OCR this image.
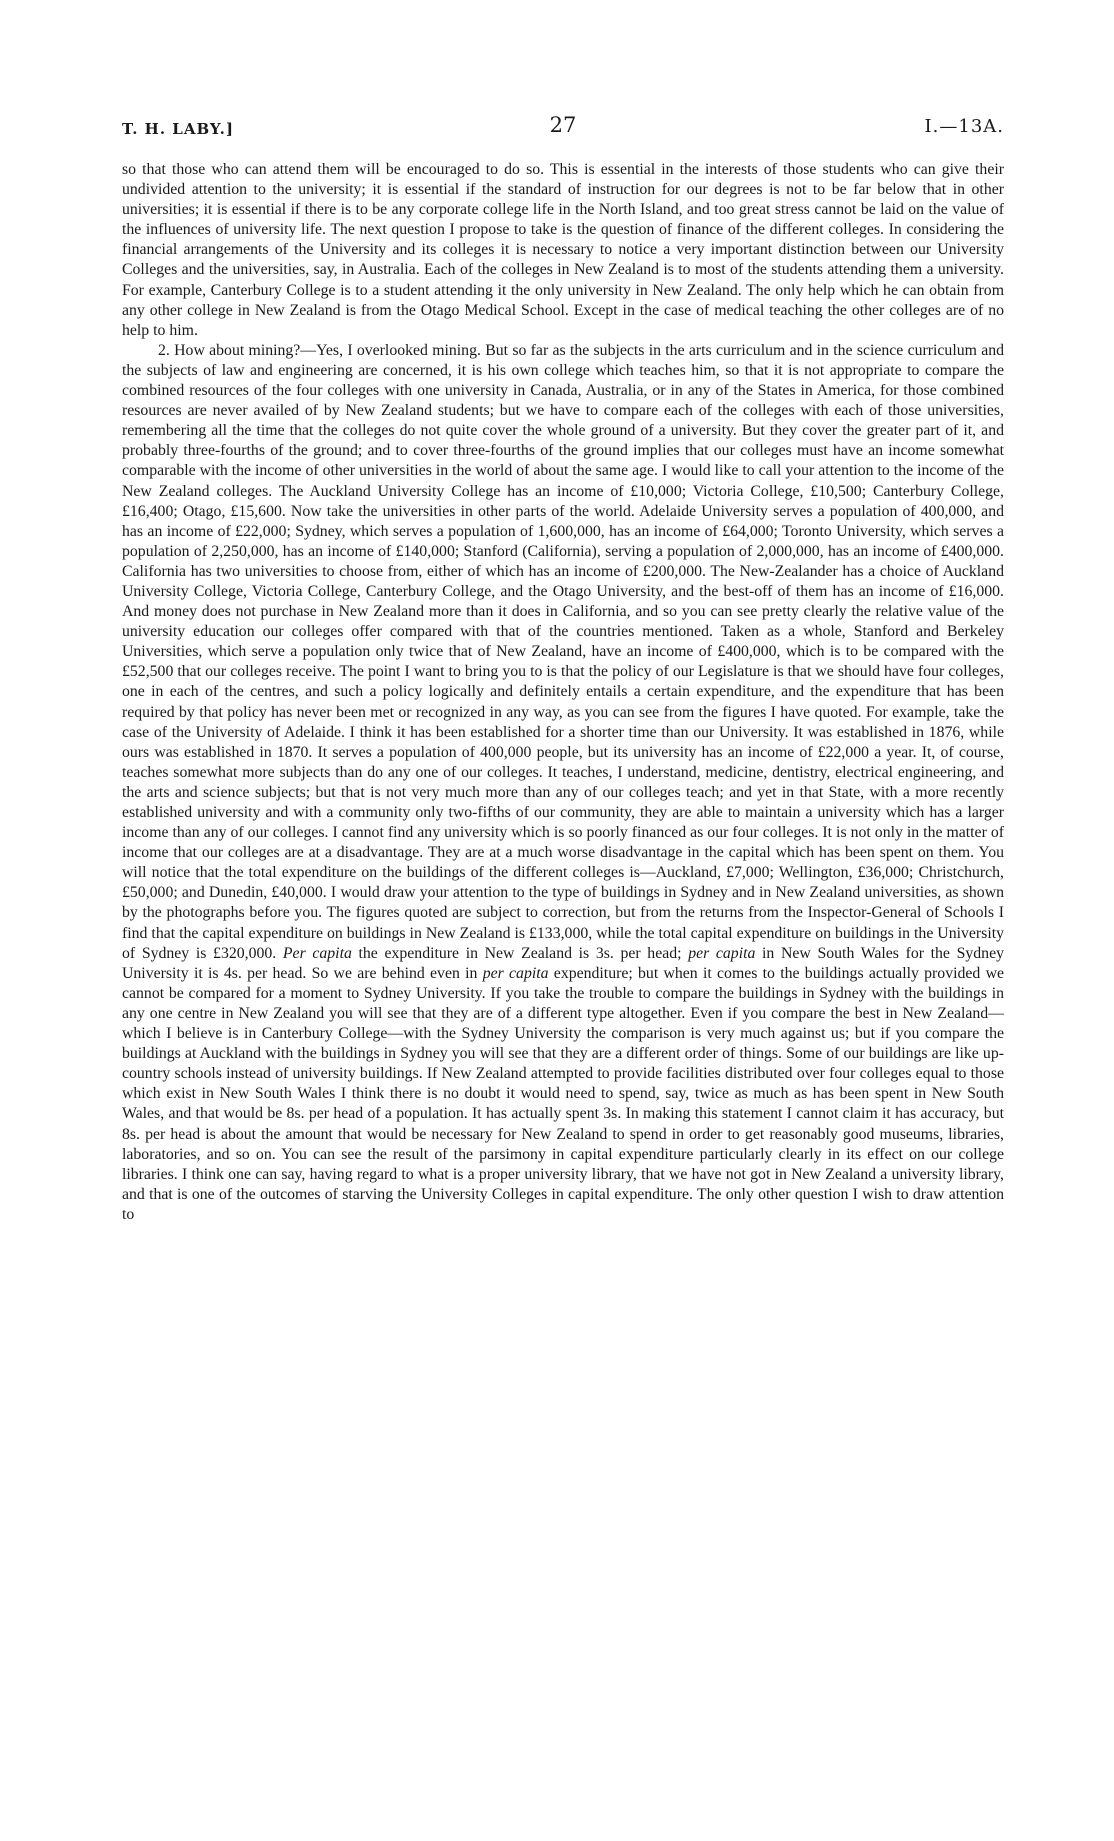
T. H. LABY.]	27	I.—13A.

so that those who can attend them will be encouraged to do so. This is essential in the interests of those students who can give their undivided attention to the university; it is essential if the standard of instruction for our degrees is not to be far below that in other universities; it is essential if there is to be any corporate college life in the North Island, and too great stress cannot be laid on the value of the influences of university life. The next question I propose to take is the question of finance of the different colleges. In considering the financial arrangements of the University and its colleges it is necessary to notice a very important distinction between our University Colleges and the universities, say, in Australia. Each of the colleges in New Zealand is to most of the students attending them a university. For example, Canterbury College is to a student attending it the only university in New Zealand. The only help which he can obtain from any other college in New Zealand is from the Otago Medical School. Except in the case of medical teaching the other colleges are of no help to him.

2. How about mining?—Yes, I overlooked mining. But so far as the subjects in the arts curriculum and in the science curriculum and the subjects of law and engineering are concerned, it is his own college which teaches him, so that it is not appropriate to compare the combined resources of the four colleges with one university in Canada, Australia, or in any of the States in America, for those combined resources are never availed of by New Zealand students; but we have to compare each of the colleges with each of those universities, remembering all the time that the colleges do not quite cover the whole ground of a university. But they cover the greater part of it, and probably three-fourths of the ground; and to cover three-fourths of the ground implies that our colleges must have an income somewhat comparable with the income of other universities in the world of about the same age. I would like to call your attention to the income of the New Zealand colleges. The Auckland University College has an income of £10,000; Victoria College, £10,500; Canterbury College, £16,400; Otago, £15,600. Now take the universities in other parts of the world. Adelaide University serves a population of 400,000, and has an income of £22,000; Sydney, which serves a population of 1,600,000, has an income of £64,000; Toronto University, which serves a population of 2,250,000, has an income of £140,000; Stanford (California), serving a population of 2,000,000, has an income of £400,000. California has two universities to choose from, either of which has an income of £200,000. The New-Zealander has a choice of Auckland University College, Victoria College, Canterbury College, and the Otago University, and the best-off of them has an income of £16,000. And money does not purchase in New Zealand more than it does in California, and so you can see pretty clearly the relative value of the university education our colleges offer compared with that of the countries mentioned. Taken as a whole, Stanford and Berkeley Universities, which serve a population only twice that of New Zealand, have an income of £400,000, which is to be compared with the £52,500 that our colleges receive. The point I want to bring you to is that the policy of our Legislature is that we should have four colleges, one in each of the centres, and such a policy logically and definitely entails a certain expenditure, and the expenditure that has been required by that policy has never been met or recognized in any way, as you can see from the figures I have quoted. For example, take the case of the University of Adelaide. I think it has been established for a shorter time than our University. It was established in 1876, while ours was established in 1870. It serves a population of 400,000 people, but its university has an income of £22,000 a year. It, of course, teaches somewhat more subjects than do any one of our colleges. It teaches, I understand, medicine, dentistry, electrical engineering, and the arts and science subjects; but that is not very much more than any of our colleges teach; and yet in that State, with a more recently established university and with a community only two-fifths of our community, they are able to maintain a university which has a larger income than any of our colleges. I cannot find any university which is so poorly financed as our four colleges. It is not only in the matter of income that our colleges are at a disadvantage. They are at a much worse disadvantage in the capital which has been spent on them. You will notice that the total expenditure on the buildings of the different colleges is—Auckland, £7,000; Wellington, £36,000; Christchurch, £50,000; and Dunedin, £40,000. I would draw your attention to the type of buildings in Sydney and in New Zealand universities, as shown by the photographs before you. The figures quoted are subject to correction, but from the returns from the Inspector-General of Schools I find that the capital expenditure on buildings in New Zealand is £133,000, while the total capital expenditure on buildings in the University of Sydney is £320,000. Per capita the expenditure in New Zealand is 3s. per head; per capita in New South Wales for the Sydney University it is 4s. per head. So we are behind even in per capita expenditure; but when it comes to the buildings actually provided we cannot be compared for a moment to Sydney University. If you take the trouble to compare the buildings in Sydney with the buildings in any one centre in New Zealand you will see that they are of a different type altogether. Even if you compare the best in New Zealand—which I believe is in Canterbury College—with the Sydney University the comparison is very much against us; but if you compare the buildings at Auckland with the buildings in Sydney you will see that they are a different order of things. Some of our buildings are like up-country schools instead of university buildings. If New Zealand attempted to provide facilities distributed over four colleges equal to those which exist in New South Wales I think there is no doubt it would need to spend, say, twice as much as has been spent in New South Wales, and that would be 8s. per head of a population. It has actually spent 3s. In making this statement I cannot claim it has accuracy, but 8s. per head is about the amount that would be necessary for New Zealand to spend in order to get reasonably good museums, libraries, laboratories, and so on. You can see the result of the parsimony in capital expenditure particularly clearly in its effect on our college libraries. I think one can say, having regard to what is a proper university library, that we have not got in New Zealand a university library, and that is one of the outcomes of starving the University Colleges in capital expenditure. The only other question I wish to draw attention to
